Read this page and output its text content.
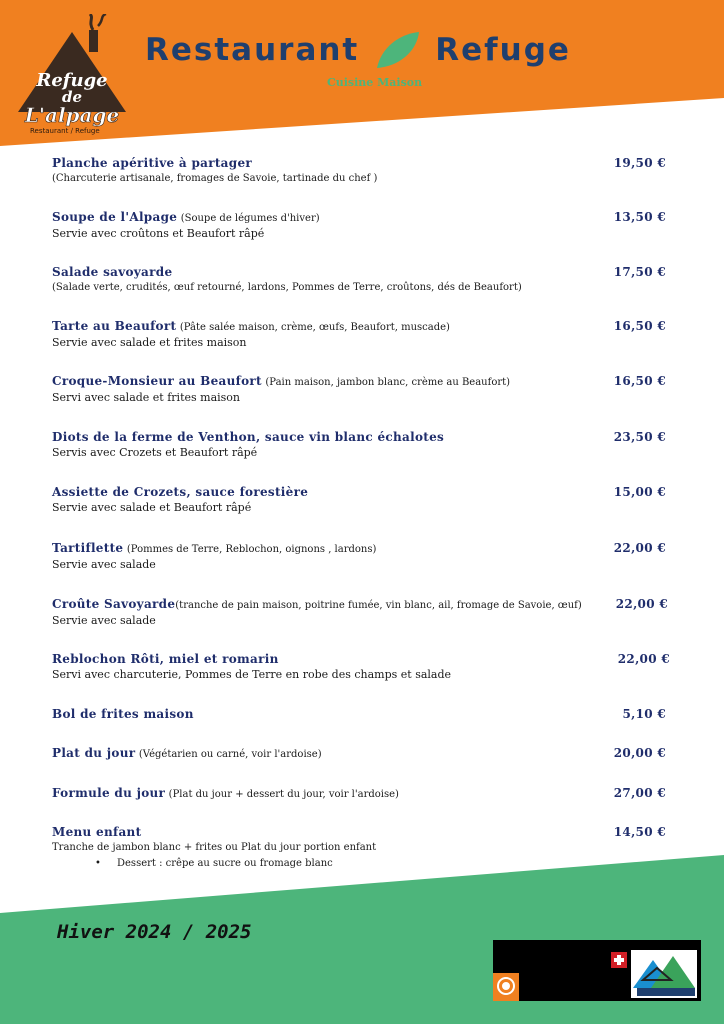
Refuge
de
L'alpage
Restaurant ∕ Refuge
Restaurant Refuge
Cuisine Maison
Planche apéritive à partager
(Charcuterie artisanale, fromages de Savoie, tartinade du chef )
19,50 €
Soupe de l'Alpage (Soupe de légumes d'hiver)
Servie avec croûtons et Beaufort râpé
13,50 €
Salade savoyarde
(Salade verte, crudités, œuf retourné, lardons, Pommes de Terre, croûtons, dés de Beaufort)
17,50 €
Tarte au Beaufort (Pâte salée maison, crème, œufs, Beaufort, muscade)
Servie avec salade et frites maison
16,50 €
Croque-Monsieur au Beaufort (Pain maison, jambon blanc, crème au Beaufort)
Servi avec salade et frites maison
16,50 €
Diots de la ferme de Venthon, sauce vin blanc échalotes
Servis avec Crozets et Beaufort râpé
23,50 €
Assiette de Crozets, sauce forestière
Servie avec salade et Beaufort râpé
15,00 €
Tartiflette (Pommes de Terre, Reblochon, oignons , lardons)
Servie avec salade
22,00 €
Croûte Savoyarde(tranche de pain maison, poitrine fumée, vin blanc, ail, fromage de Savoie, œuf)
Servie avec salade
22,00 €
Reblochon Rôti, miel et romarin
Servi avec charcuterie, Pommes de Terre en robe des champs et salade
22,00 €
Bol de frites maison	5,10 €
Plat du jour (Végétarien ou carné, voir l'ardoise)	20,00 €
Formule du jour (Plat du jour + dessert du jour, voir l'ardoise)	27,00 €
Menu enfant
Tranche de jambon blanc + frites ou Plat du jour portion enfant
• Dessert : crêpe au sucre ou fromage blanc
14,50 €
Hiver 2024 / 2025
